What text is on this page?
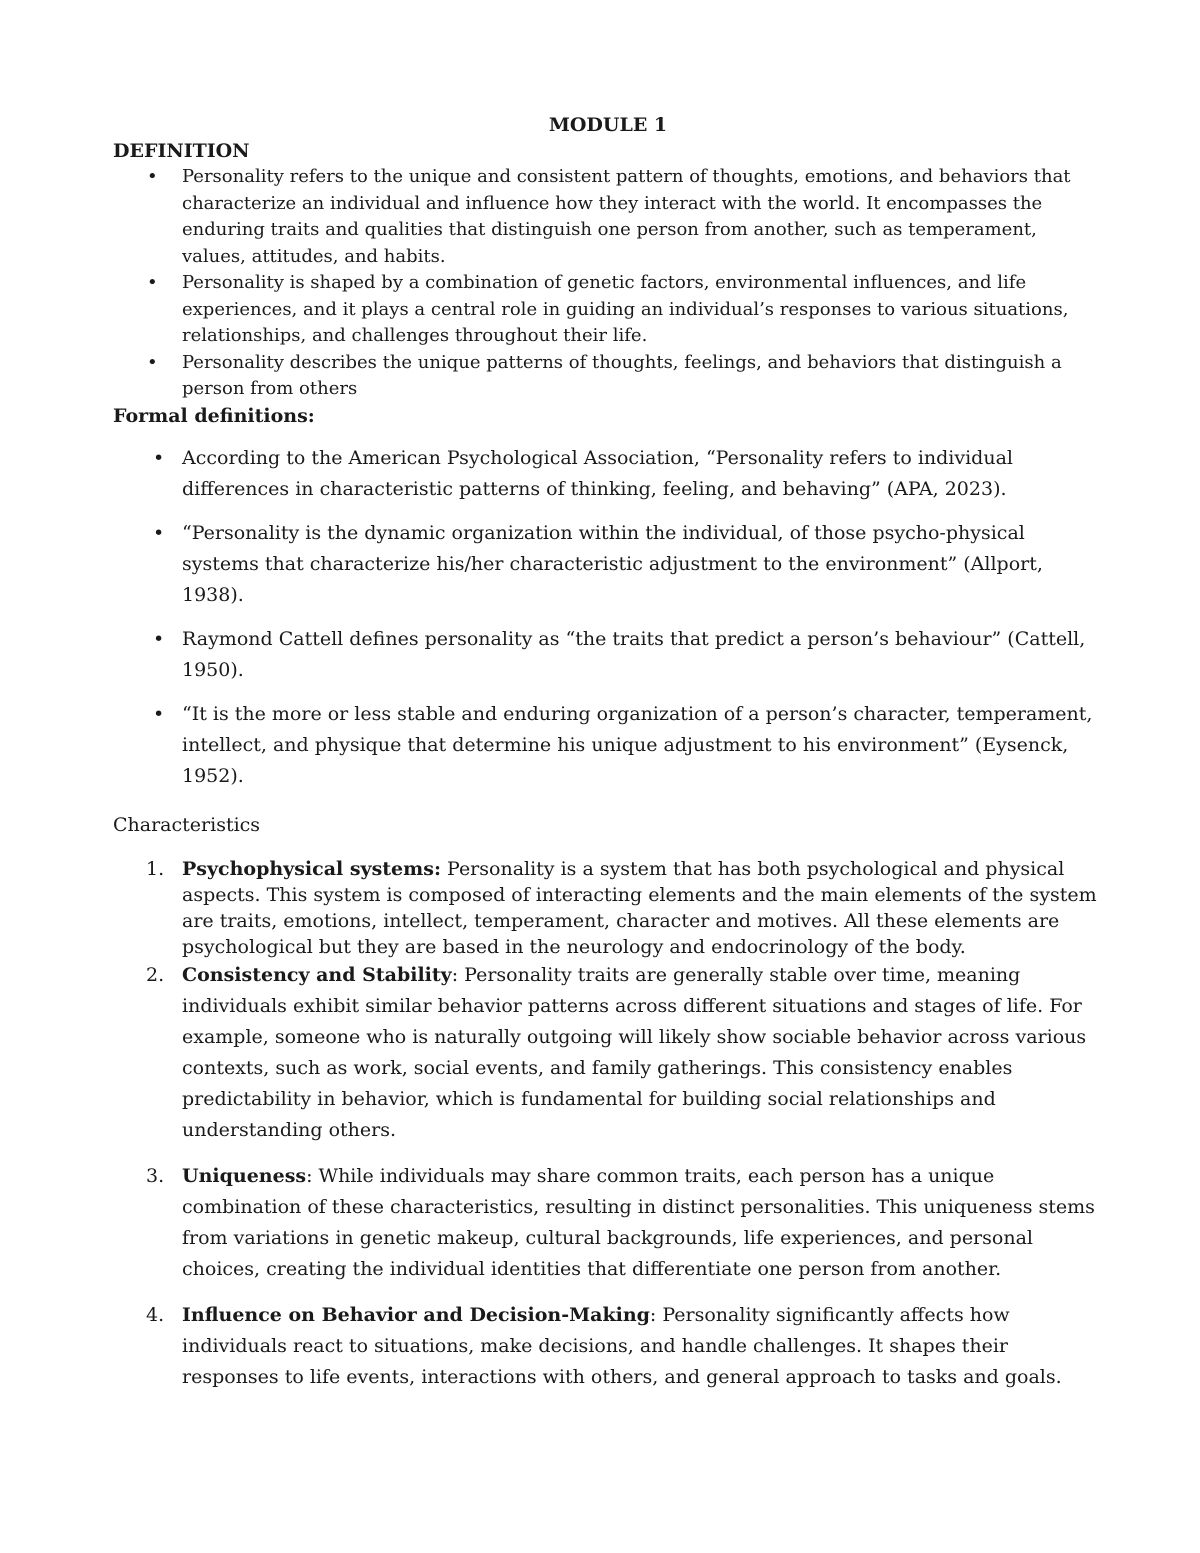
MODULE 1

DEFINITION

• Personality refers to the unique and consistent pattern of thoughts, emotions, and behaviors that characterize an individual and influence how they interact with the world. It encompasses the enduring traits and qualities that distinguish one person from another, such as temperament, values, attitudes, and habits.
• Personality is shaped by a combination of genetic factors, environmental influences, and life experiences, and it plays a central role in guiding an individual’s responses to various situations, relationships, and challenges throughout their life.
• Personality describes the unique patterns of thoughts, feelings, and behaviors that distinguish a person from others

Formal definitions:

• According to the American Psychological Association, “Personality refers to individual differences in characteristic patterns of thinking, feeling, and behaving” (APA, 2023).
• “Personality is the dynamic organization within the individual, of those psycho-physical systems that characterize his/her characteristic adjustment to the environment” (Allport, 1938).
• Raymond Cattell defines personality as “the traits that predict a person’s behaviour” (Cattell, 1950).
• “It is the more or less stable and enduring organization of a person’s character, temperament, intellect, and physique that determine his unique adjustment to his environment” (Eysenck, 1952).

Characteristics

1. Psychophysical systems: Personality is a system that has both psychological and physical aspects. This system is composed of interacting elements and the main elements of the system are traits, emotions, intellect, temperament, character and motives. All these elements are psychological but they are based in the neurology and endocrinology of the body.
2. Consistency and Stability: Personality traits are generally stable over time, meaning individuals exhibit similar behavior patterns across different situations and stages of life. For example, someone who is naturally outgoing will likely show sociable behavior across various contexts, such as work, social events, and family gatherings. This consistency enables predictability in behavior, which is fundamental for building social relationships and understanding others.
3. Uniqueness: While individuals may share common traits, each person has a unique combination of these characteristics, resulting in distinct personalities. This uniqueness stems from variations in genetic makeup, cultural backgrounds, life experiences, and personal choices, creating the individual identities that differentiate one person from another.
4. Influence on Behavior and Decision-Making: Personality significantly affects how individuals react to situations, make decisions, and handle challenges. It shapes their responses to life events, interactions with others, and general approach to tasks and goals.
